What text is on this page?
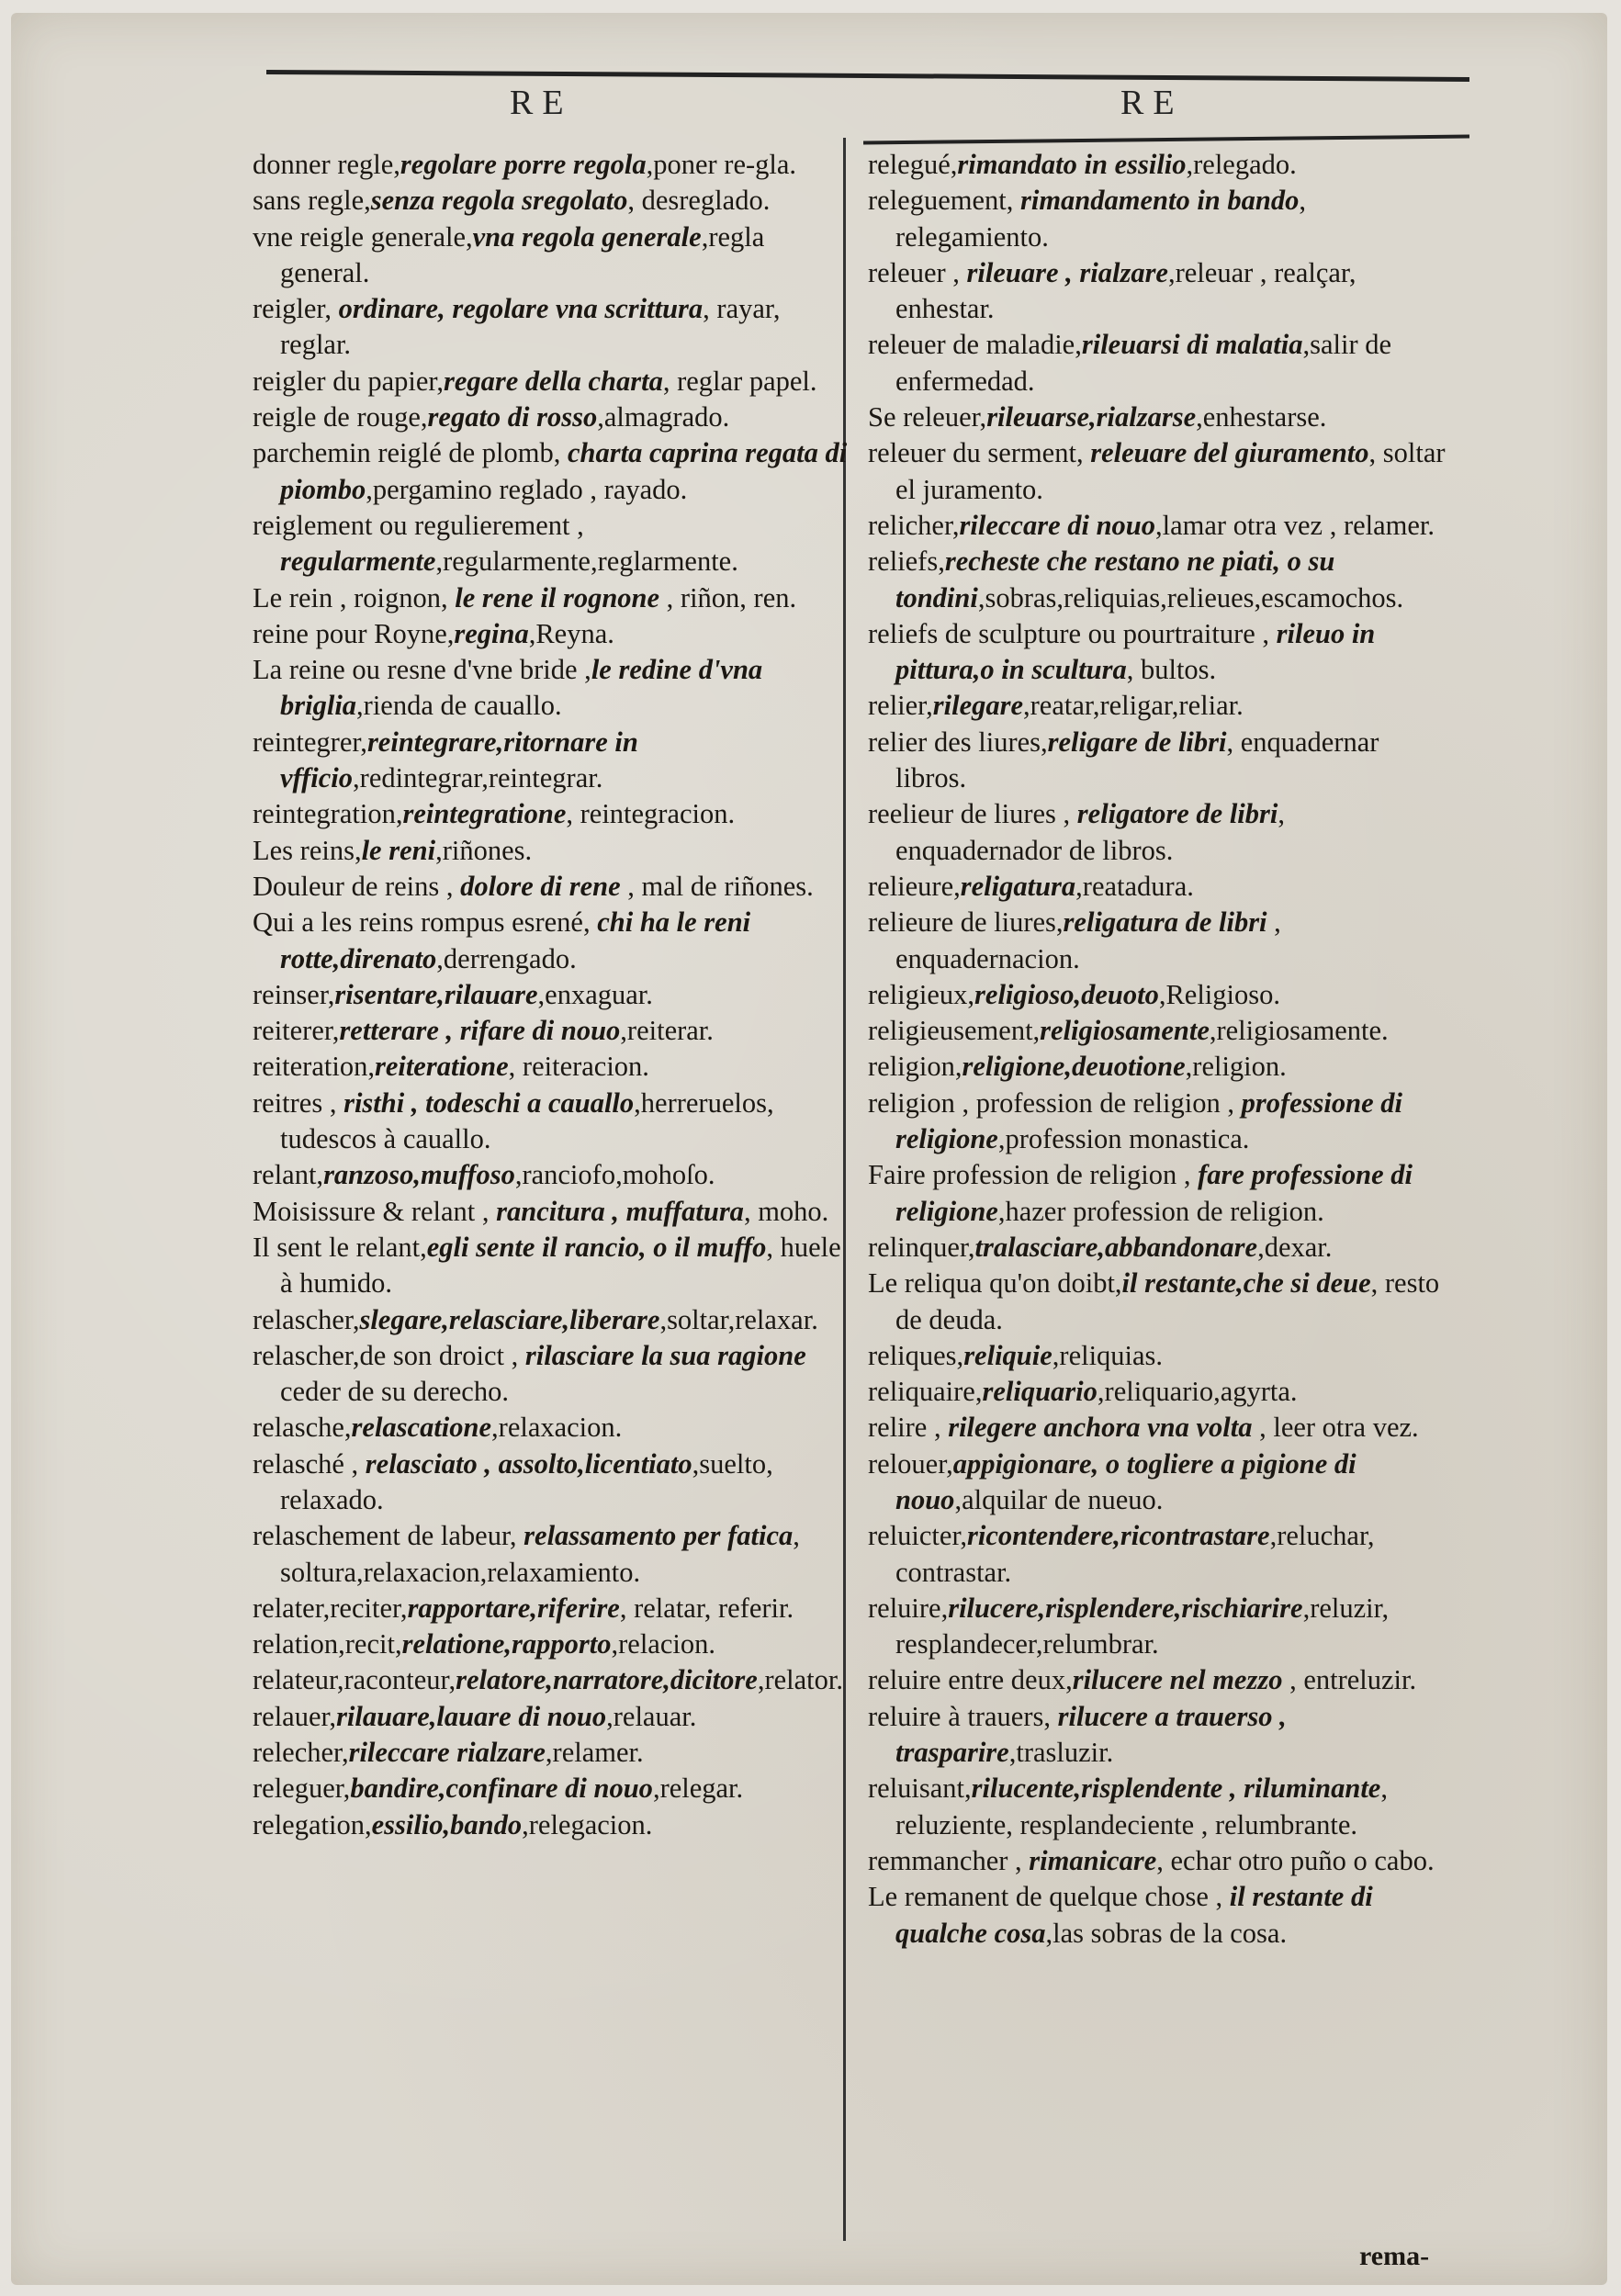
RE	RE

donner regle,regolare porre regola,poner re-gla.

sans regle,senza regola sregolato, desreglado.

vne reigle generale,vna regola generale,regla general.

reigler, ordinare, regolare vna scrittura, rayar, reglar.

reigler du papier,regare della charta, reglar papel.

reigle de rouge,regato di rosso,almagrado.

parchemin reiglé de plomb, charta caprina regata di piombo,pergamino reglado , rayado.

reiglement ou regulierement , regularmente,regularmente,reglarmente.

Le rein , roignon, le rene il rognone , riñon, ren.

reine pour Royne,regina,Reyna.

La reine ou resne d'vne bride ,le redine d'vna briglia,rienda de cauallo.

reintegrer,reintegrare,ritornare in vfficio,redintegrar,reintegrar.

reintegration,reintegratione, reintegracion.

Les reins,le reni,riñones.

Douleur de reins , dolore di rene , mal de riñones.

Qui a les reins rompus esrené, chi ha le reni rotte,direnato,derrengado.

reinser,risentare,rilauare,enxaguar.

reiterer,retterare , rifare di nouo,reiterar.

reiteration,reiteratione, reiteracion.

reitres , risthi , todeschi a cauallo,herreruelos, tudescos à cauallo.

relant,ranzoso,muffoso,ranciofo,mohoſo.

Moisissure & relant , rancitura , muffatura, moho.

Il sent le relant,egli sente il rancio, o il muffo, huele à humido.

relascher,slegare,relasciare,liberare,soltar,relaxar.

relascher,de son droict , rilasciare la sua ragione ceder de su derecho.

relasche,relascatione,relaxacion.

relasché , relasciato , assolto,licentiato,suelto, relaxado.

relaschement de labeur, relassamento per fatica, soltura,relaxacion,relaxamiento.

relater,reciter,rapportare,riferire, relatar, referir.

relation,recit,relatione,rapporto,relacion.

relateur,raconteur,relatore,narratore,dicitore,relator.

relauer,rilauare,lauare di nouo,relauar.

relecher,rileccare rialzare,relamer.

releguer,bandire,confinare di nouo,relegar.

relegation,essilio,bando,relegacion.

relegué,rimandato in essilio,relegado.

releguement, rimandamento in bando, relegamiento.

releuer , rileuare , rialzare,releuar , realçar, enhestar.

releuer de maladie,rileuarsi di malatia,salir de enfermedad.

Se releuer,rileuarse,rialzarse,enhestarse.

releuer du serment, releuare del giuramento, soltar el juramento.

relicher,rileccare di nouo,lamar otra vez , relamer.

reliefs,recheste che restano ne piati, o su tondini,sobras,reliquias,relieues,escamochos.

reliefs de sculpture ou pourtraiture , rileuo in pittura,o in scultura, bultos.

relier,rilegare,reatar,religar,reliar.

relier des liures,religare de libri, enquadernar libros.

reelieur de liures , religatore de libri, enquadernador de libros.

relieure,religatura,reatadura.

relieure de liures,religatura de libri , enquadernacion.

religieux,religioso,deuoto,Religioso.

religieusement,religiosamente,religiosamente.

religion,religione,deuotione,religion.

religion , profession de religion , professione di religione,profession monastica.

Faire profession de religion , fare professione di religione,hazer profession de religion.

relinquer,tralasciare,abbandonare,dexar.

Le reliqua qu'on doibt,il restante,che si deue, resto de deuda.

reliques,reliquie,reliquias.

reliquaire,reliquario,reliquario,agyrta.

relire , rilegere anchora vna volta , leer otra vez.

relouer,appigionare, o togliere a pigione di nouo,alquilar de nueuo.

reluicter,ricontendere,ricontrastare,reluchar, contrastar.

reluire,rilucere,risplendere,rischiarire,reluzir, resplandecer,relumbrar.

reluire entre deux,rilucere nel mezzo , entreluzir.

reluire à trauers, rilucere a trauerso , trasparire,trasluzir.

reluisant,rilucente,risplendente , riluminante, reluziente, resplandeciente , relumbrante.

remmancher , rimanicare, echar otro puño o cabo.

Le remanent de quelque chose , il restante di qualche cosa,las sobras de la cosa.

rema-
